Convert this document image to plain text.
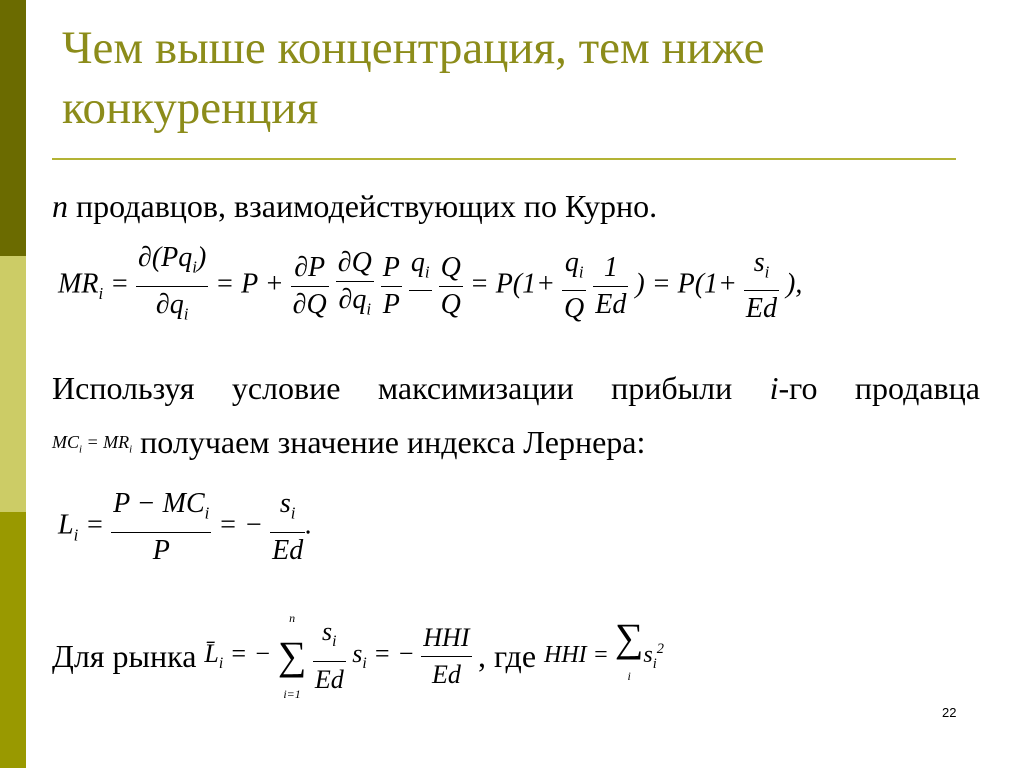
Чем выше концентрация, тем ниже
конкуренция
n продавцов, взаимодействующих по Курно.
$MR_i = \frac{\partial(Pq_i)}{\partial q_i} = P + \frac{\partial P}{\partial Q}$
$\frac{\partial Q}{\partial q_i}$
$\frac{P}{P}$
$q_i$

$\frac{Q}{Q} = P(1+ \frac{q_i}{Q}$
$\frac{1}{Ed}$ ) = $P(1+ \frac{s_i}{Ed}$ ),
Используя условие максимизации прибыли i-го продавца
$MC_i = MR_i$ получаем значение индекса Лернера:
$L_i = \frac{P - MC_i}{P}$ = − $\frac{s_i}{Ed}$ .
Для рынка $L̄_i$ = −
n
∑
i=1
$\frac{s_i}{Ed} s_i$ = − $\frac{\text{HHI}}{Ed}$ , где HHI = ∑
i
$s_i^2$
22
